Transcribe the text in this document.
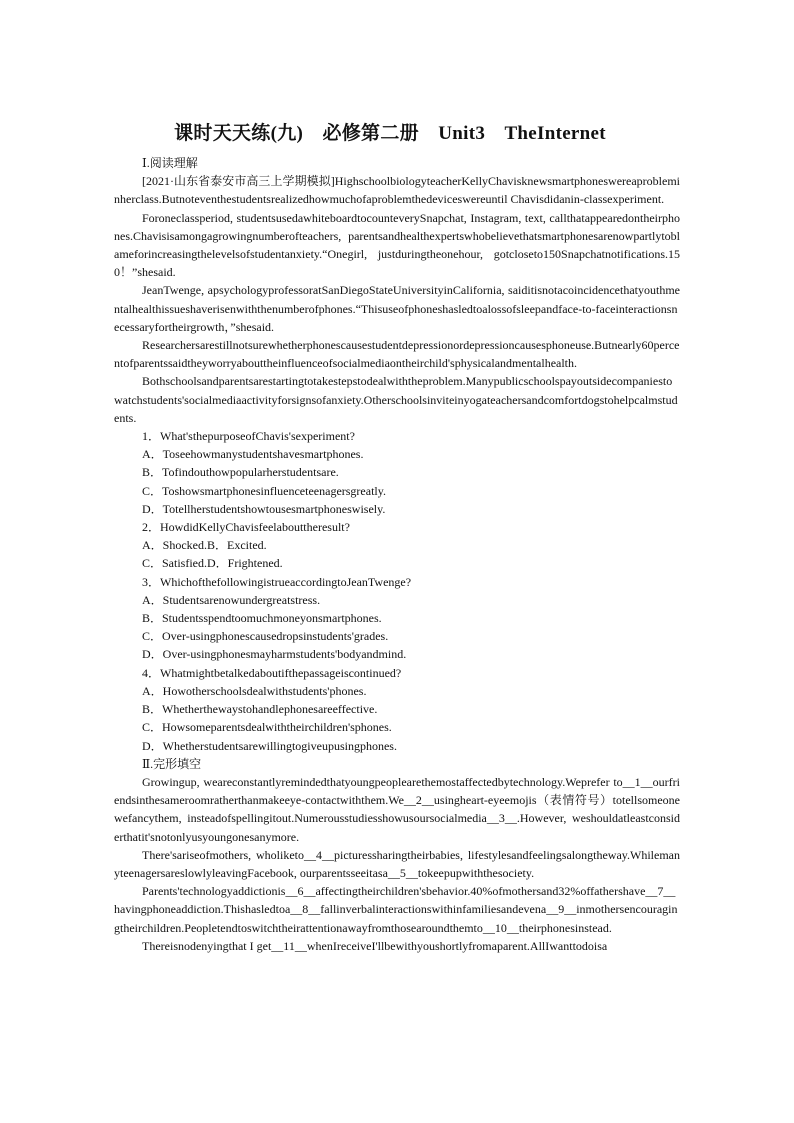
课时天天练(九)　必修第二册　Unit3　TheInternet

Ⅰ.阅读理解

[2021·山东省泰安市高三上学期模拟]HighschoolbiologyteacherKellyChavisknewsmartphoneswereaprobleminherclass.Butnoteventhestudentsrealizedhowmuchofaproblemthedeviceswereuntil Chavisdidanin-classexperiment.

Foroneclassperiod, studentsusedawhiteboardtocounteverySnapchat, Instagram, text, callthatappearedontheirphones.Chavisisamongagrowingnumberofteachers, parentsandhealthexpertswhobelievethatsmartphonesarenowpartlytoblameforincreasingthelevelsofstudentanxiety.“Onegirl, justduringtheonehour, gotcloseto150Snapchatnotifications.150！”shesaid.

JeanTwenge, apsychologyprofessoratSanDiegoStateUniversityinCalifornia, saiditisnotacoincidencethatyouthmentalhealthissueshaverisenwiththenumberofphones.“Thisuseofphoneshasledtoalossofsleepandface-to-faceinteractionsnecessaryfortheirgrowth，”shesaid.

Researchersarestillnotsurewhetherphonescausestudentdepressionordepressioncausesphoneuse.Butnearly60percentofparentssaidtheyworryabouttheinfluenceofsocialmediaontheirchild'sphysicalandmentalhealth.

Bothschoolsandparentsarestartingtotakestepstodealwiththeproblem.Manypublicschoolspayoutsidecompaniestowatchstudents'socialmediaactivityforsignsofanxiety.Otherschoolsinviteinyogateachersandcomfortdogstohelpcalmstudents.

1．What'sthepurposeofChavis'sexperiment?

A．Toseehowmanystudentshavesmartphones.

B．Tofindouthowpopularherstudentsare.

C．Toshowsmartphonesinfluenceteenagersgreatly.

D．Totellherstudentshowtousesmartphoneswisely.

2．HowdidKellyChavisfeelabouttheresult?

A．Shocked.B．Excited.

C．Satisfied.D．Frightened.

3．WhichofthefollowingistrueaccordingtoJeanTwenge?

A．Studentsarenowundergreatstress.

B．Studentsspendtoomuchmoneyonsmartphones.

C．Over-usingphonescausedropsinstudents'grades.

D．Over-usingphonesmayharmstudents'bodyandmind.

4．Whatmightbetalkedaboutifthepassageiscontinued?

A．Howotherschoolsdealwithstudents'phones.

B．Whetherthewaystohandlephonesareeffective.

C．Howsomeparentsdealwiththeirchildren'sphones.

D．Whetherstudentsarewillingtogiveupusingphones.

Ⅱ.完形填空

Growingup, weareconstantlyremindedthatyoungpeoplearethemostaffectedbytechnology.Weprefer to__1__ourfriendsinthesameroomratherthanmakeeye-contactwiththem.We__2__usingheart-eyeemojis（表情符号）totellsomeonewefancythem, insteadofspellingitout.Numerousstudiesshowusoursocialmedia__3__.However, weshouldatleastconsiderthatit'snotonlyusyoungonesanymore.

There'sariseofmothers, wholiketo__4__picturessharingtheirbabies, lifestylesandfeelingsalongtheway.WhilemanyteenagersareslowlyleavingFacebook, ourparentsseeitasa__5__tokeepupwiththesociety.

Parents'technologyaddictionis__6__affectingtheirchildren'sbehavior.40%ofmothersand32%offathershave__7__havingphoneaddiction.Thishasledtoa__8__fallinverbalinteractionswithinfamiliesandevena__9__inmothersencouragingtheirchildren.Peopletendtoswitchtheirattentionawayfromthosearoundthemto__10__theirphonesinstead.

Thereisnodenyingthat I get__11__whenIreceiveI'llbewithyoushortlyfromaparent.AllIwanttodoisa
